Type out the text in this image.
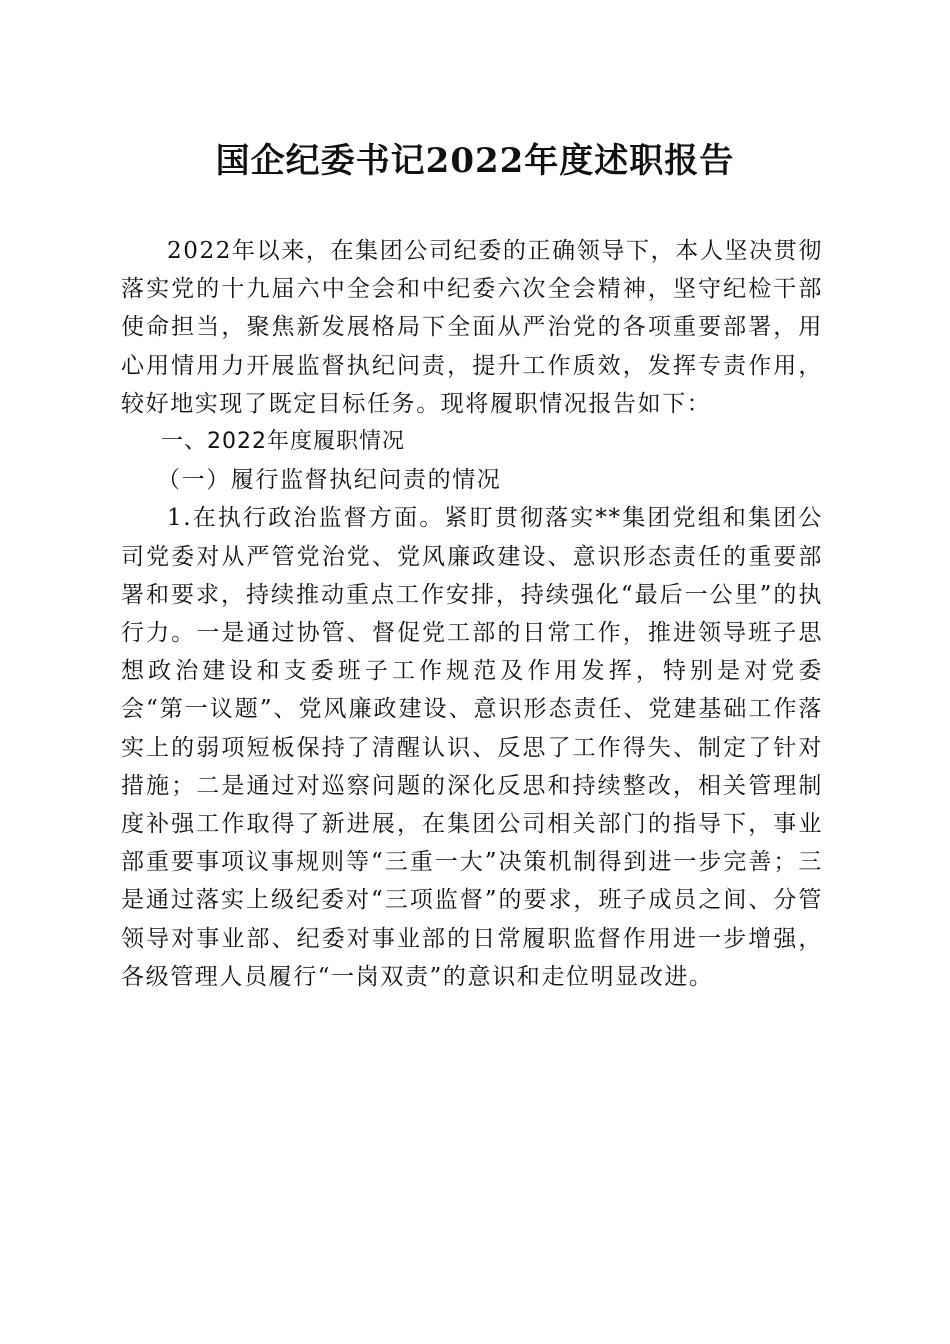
国企纪委书记2022年度述职报告

2022年以来，在集团公司纪委的正确领导下，本人坚决贯彻落实党的十九届六中全会和中纪委六次全会精神，坚守纪检干部使命担当，聚焦新发展格局下全面从严治党的各项重要部署，用心用情用力开展监督执纪问责，提升工作质效，发挥专责作用，较好地实现了既定目标任务。现将履职情况报告如下：

一、2022年度履职情况

（一）履行监督执纪问责的情况

1.在执行政治监督方面。紧盯贯彻落实**集团党组和集团公司党委对从严管党治党、党风廉政建设、意识形态责任的重要部署和要求，持续推动重点工作安排，持续强化“最后一公里”的执行力。一是通过协管、督促党工部的日常工作，推进领导班子思想政治建设和支委班子工作规范及作用发挥，特别是对党委会“第一议题”、党风廉政建设、意识形态责任、党建基础工作落实上的弱项短板保持了清醒认识、反思了工作得失、制定了针对措施；二是通过对巡察问题的深化反思和持续整改，相关管理制度补强工作取得了新进展，在集团公司相关部门的指导下，事业部重要事项议事规则等“三重一大”决策机制得到进一步完善；三是通过落实上级纪委对“三项监督”的要求，班子成员之间、分管领导对事业部、纪委对事业部的日常履职监督作用进一步增强，各级管理人员履行“一岗双责”的意识和走位明显改进。
